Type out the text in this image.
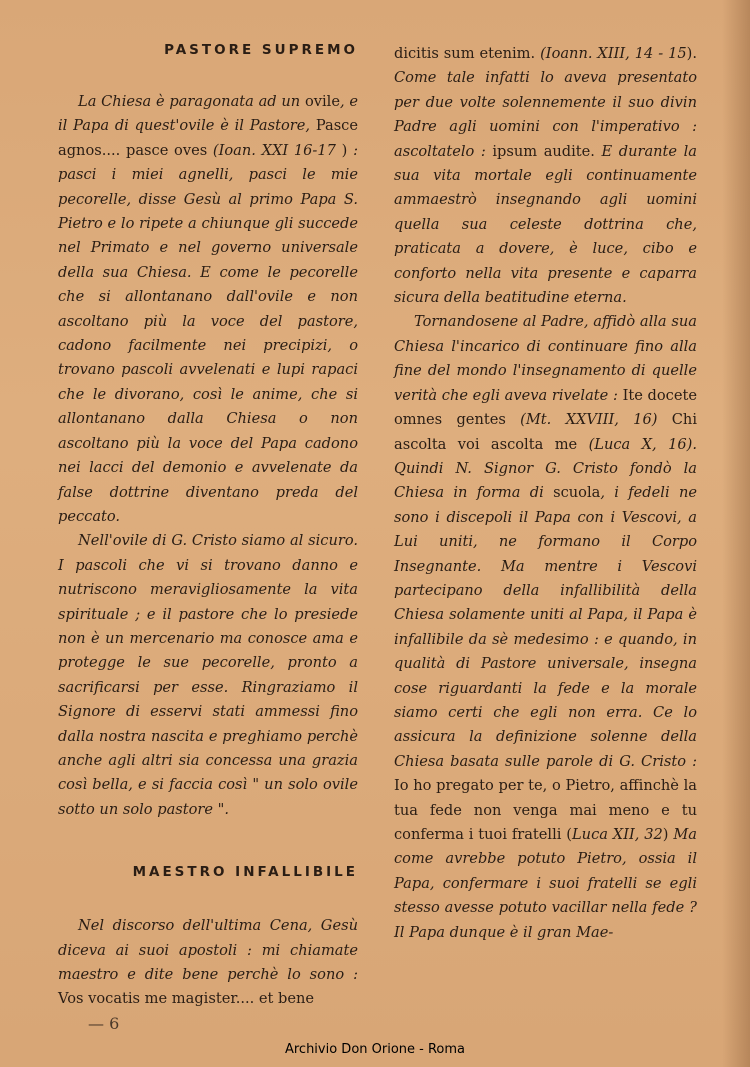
PASTORE SUPREMO

La Chiesa è paragonata ad un ovile, e il Papa di quest'ovile è il Pastore, Pasce agnos.... pasce oves (Ioan. XXI 16-17 ) : pasci i miei agnelli, pasci le mie pecorelle, disse Gesù al primo Papa S. Pietro e lo ripete a chiunque gli succede nel Primato e nel governo universale della sua Chiesa. E come le pecorelle che si allontanano dall'ovile e non ascoltano più la voce del pastore, cadono facilmente nei precipizi, o trovano pascoli avvelenati e lupi rapaci che le divorano, così le anime, che si allontanano dalla Chiesa o non ascoltano più la voce del Papa cadono nei lacci del demonio e avvelenate da false dottrine diventano preda del peccato.

Nell'ovile di G. Cristo siamo al sicuro. I pascoli che vi si trovano danno e nutriscono meravigliosamente la vita spirituale ; e il pastore che lo presiede non è un mercenario ma conosce ama e protegge le sue pecorelle, pronto a sacrificarsi per esse. Ringraziamo il Signore di esservi stati ammessi fino dalla nostra nascita e preghiamo perchè anche agli altri sia concessa una grazia così bella, e si faccia così " un solo ovile sotto un solo pastore ".

MAESTRO INFALLIBILE

Nel discorso dell'ultima Cena, Gesù diceva ai suoi apostoli : mi chiamate maestro e dite bene perchè lo sono : Vos vocatis me magister.... et bene

dicitis sum etenim. (Ioann. XIII, 14 - 15). Come tale infatti lo aveva presentato per due volte solennemente il suo divin Padre agli uomini con l'imperativo : ascoltatelo : ipsum audite. E durante la sua vita mortale egli continuamente ammaestrò insegnando agli uomini quella sua celeste dottrina che, praticata a dovere, è luce, cibo e conforto nella vita presente e caparra sicura della beatitudine eterna.

Tornandosene al Padre, affidò alla sua Chiesa l'incarico di continuare fino alla fine del mondo l'insegnamento di quelle verità che egli aveva rivelate : Ite docete omnes gentes (Mt. XXVIII, 16) Chi ascolta voi ascolta me (Luca X, 16). Quindi N. Signor G. Cristo fondò la Chiesa in forma di scuola, i fedeli ne sono i discepoli il Papa con i Vescovi, a Lui uniti, ne formano il Corpo Insegnante. Ma mentre i Vescovi partecipano della infallibilità della Chiesa solamente uniti al Papa, il Papa è infallibile da sè medesimo : e quando, in qualità di Pastore universale, insegna cose riguardanti la fede e la morale siamo certi che egli non erra. Ce lo assicura la definizione solenne della Chiesa basata sulle parole di G. Cristo : Io ho pregato per te, o Pietro, affinchè la tua fede non venga mai meno e tu conferma i tuoi fratelli (Luca XII, 32) Ma come avrebbe potuto Pietro, ossia il Papa, confermare i suoi fratelli se egli stesso avesse potuto vacillar nella fede ? Il Papa dunque è il gran Mae-

— 6
Archivio Don Orione - Roma
